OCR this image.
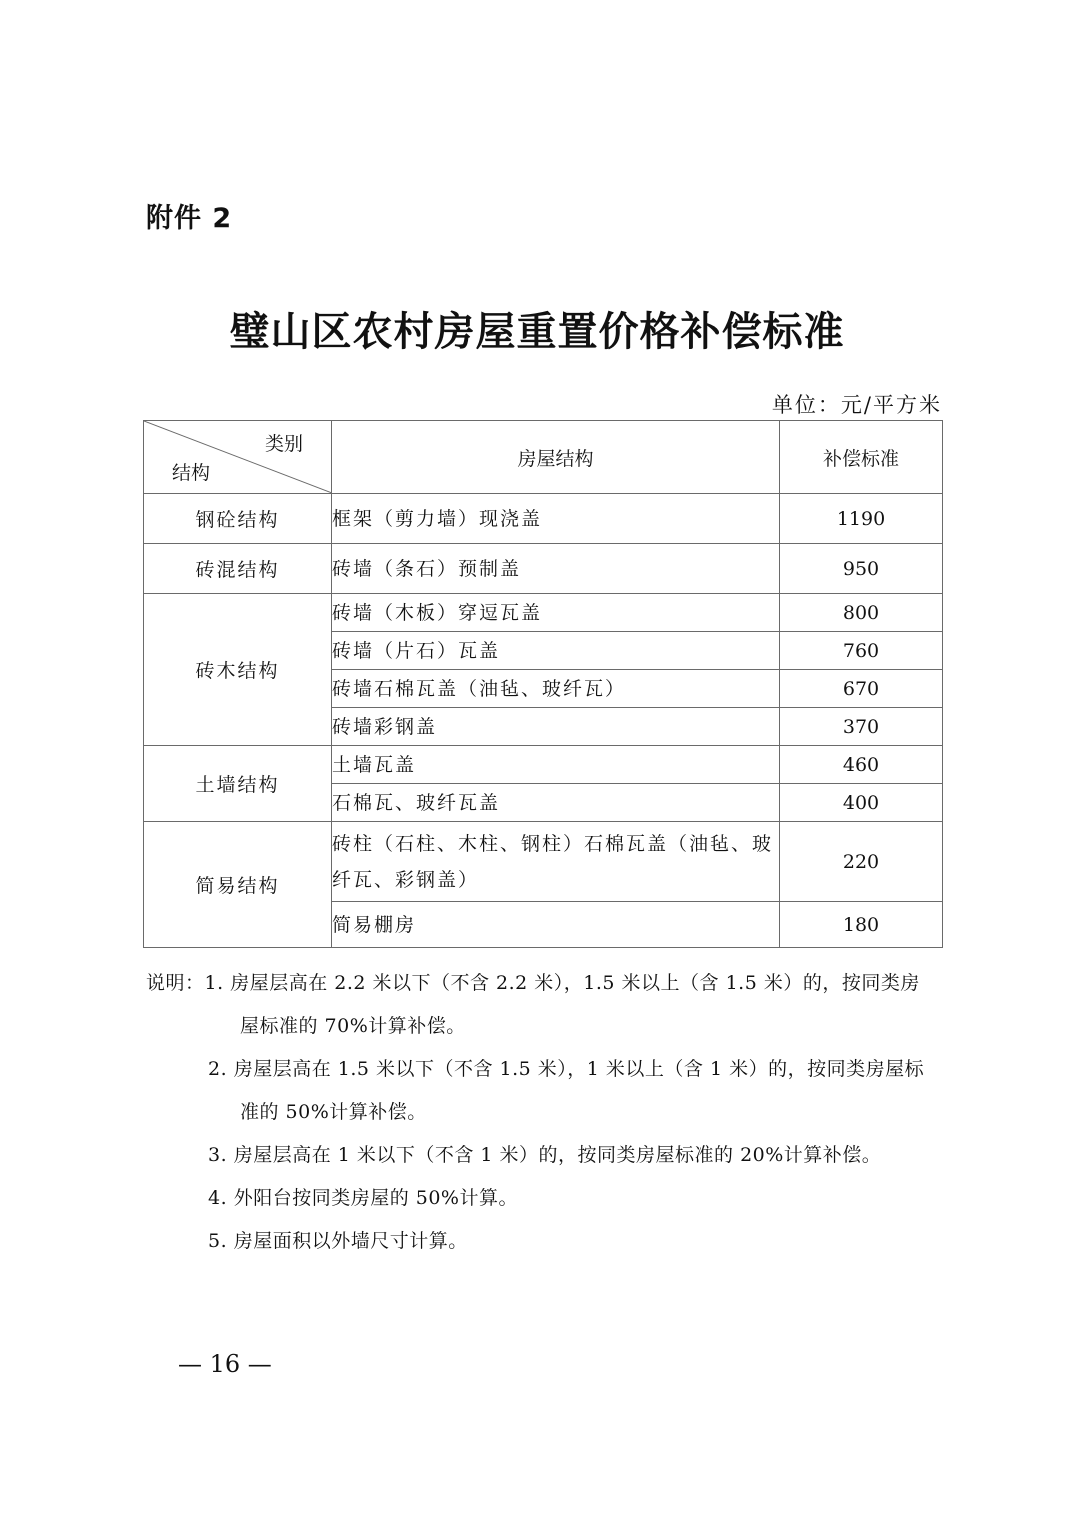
附件 2
璧山区农村房屋重置价格补偿标准
单位：元/平方米
类别
结构	房屋结构	补偿标准
钢砼结构	框架（剪力墙）现浇盖	1190
砖混结构	砖墙（条石）预制盖	950
砖木结构	砖墙（木板）穿逗瓦盖	800
	砖墙（片石）瓦盖	760
	砖墙石棉瓦盖（油毡、玻纤瓦）	670
	砖墙彩钢盖	370
土墙结构	土墙瓦盖	460
	石棉瓦、玻纤瓦盖	400
简易结构	砖柱（石柱、木柱、钢柱）石棉瓦盖（油毡、玻
纤瓦、彩钢盖）	220
	简易棚房	180
说明：1. 房屋层高在 2.2 米以下（不含 2.2 米），1.5 米以上（含 1.5 米）的，按同类房
屋标准的 70%计算补偿。
2. 房屋层高在 1.5 米以下（不含 1.5 米），1 米以上（含 1 米）的，按同类房屋标
准的 50%计算补偿。
3. 房屋层高在 1 米以下（不含 1 米）的，按同类房屋标准的 20%计算补偿。
4. 外阳台按同类房屋的 50%计算。
5. 房屋面积以外墙尺寸计算。
— 16 —
